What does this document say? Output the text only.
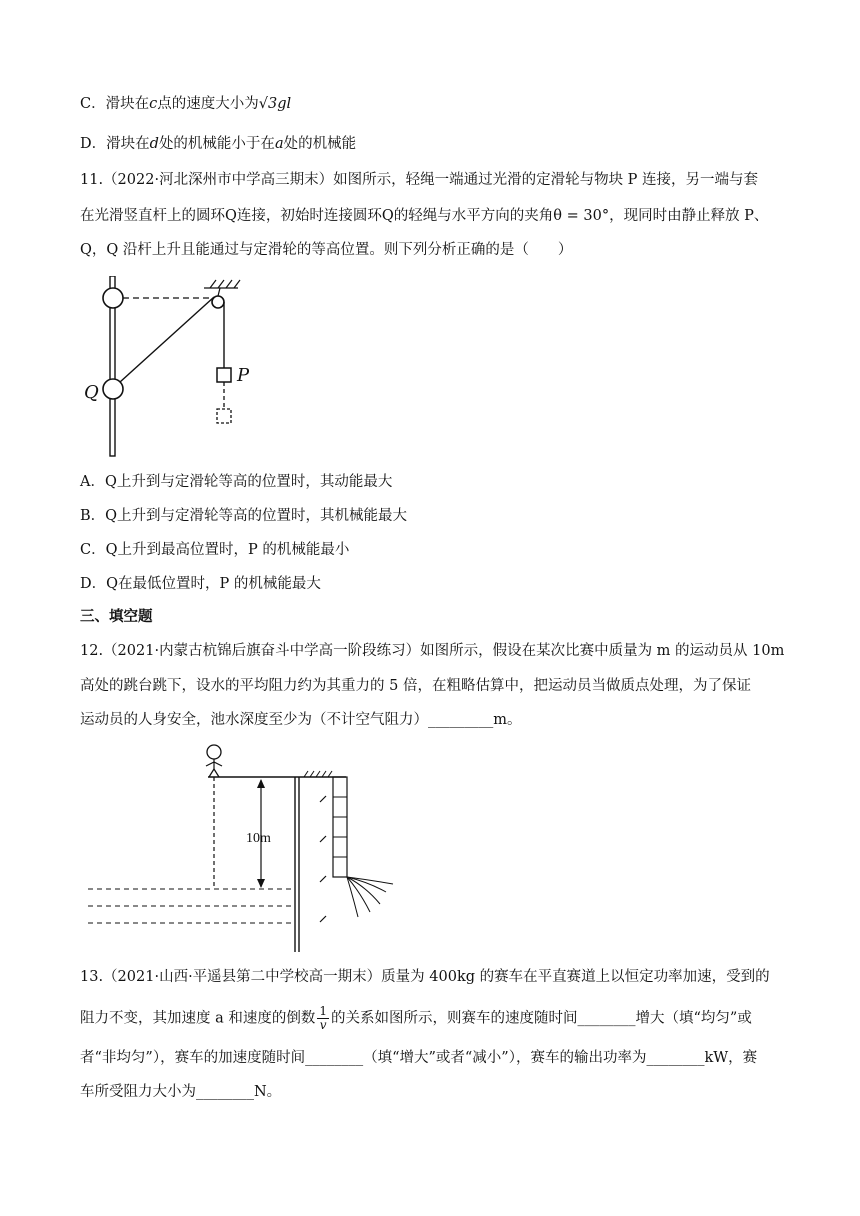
C．滑块在c点的速度大小为√3gl
D．滑块在d处的机械能小于在a处的机械能
11.（2022·河北深州市中学高三期末）如图所示，轻绳一端通过光滑的定滑轮与物块 P 连接，另一端与套
在光滑竖直杆上的圆环Q连接，初始时连接圆环Q的轻绳与水平方向的夹角θ = 30°，现同时由静止释放 P、
Q，Q 沿杆上升且能通过与定滑轮的等高位置。则下列分析正确的是（　　）
Q
P
A．Q上升到与定滑轮等高的位置时，其动能最大
B．Q上升到与定滑轮等高的位置时，其机械能最大
C．Q上升到最高位置时，P 的机械能最小
D．Q在最低位置时，P 的机械能最大
三、填空题
12.（2021·内蒙古杭锦后旗奋斗中学高一阶段练习）如图所示，假设在某次比赛中质量为 m 的运动员从 10m
高处的跳台跳下，设水的平均阻力约为其重力的 5 倍，在粗略估算中，把运动员当做质点处理，为了保证
运动员的人身安全，池水深度至少为（不计空气阻力）_________m。
10m
13.（2021·山西·平遥县第二中学校高一期末）质量为 400kg 的赛车在平直赛道上以恒定功率加速，受到的
阻力不变，其加速度 a 和速度的倒数 $\frac{1}{v}$ 的关系如图所示，则赛车的速度随时间________增大（填“均匀”或
者“非均匀”），赛车的加速度随时间________（填“增大”或者“减小”），赛车的输出功率为________kW，赛
车所受阻力大小为________N。
